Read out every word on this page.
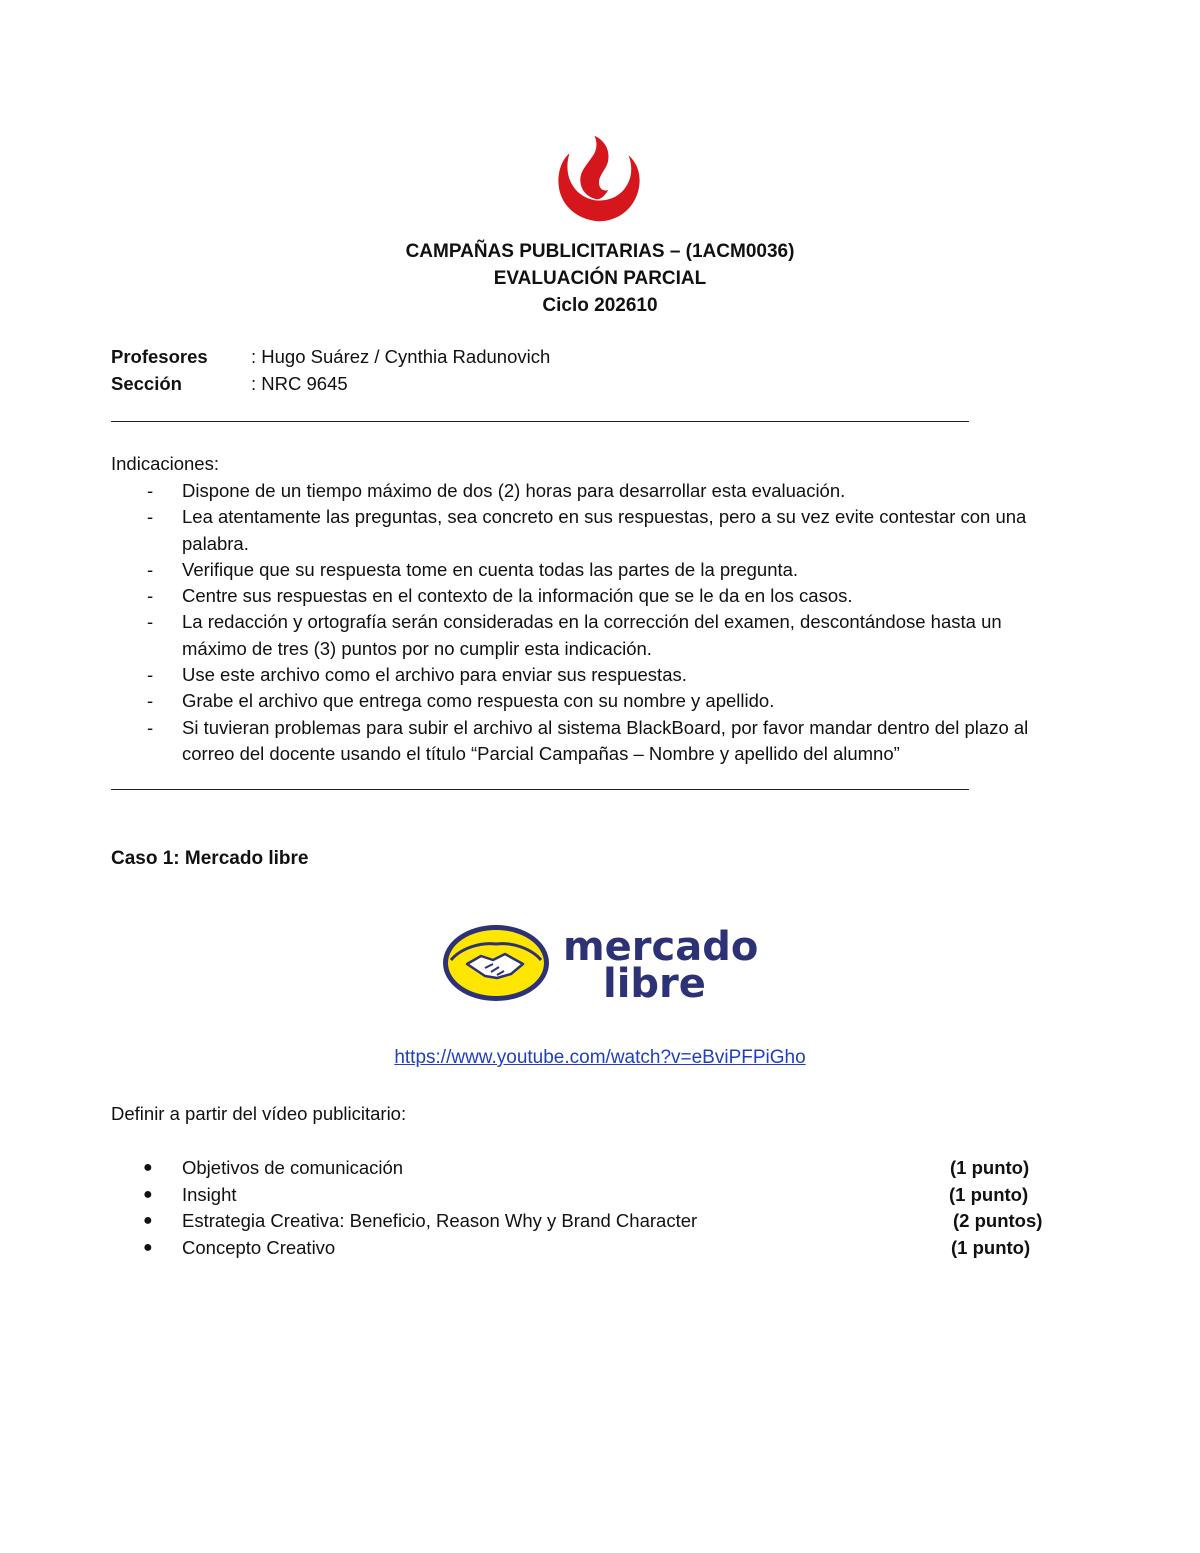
CAMPAÑAS PUBLICITARIAS – (1ACM0036)
EVALUACIÓN PARCIAL
Ciclo 202610
Profesores : Hugo Suárez / Cynthia Radunovich
Sección	: NRC 9645
Indicaciones:
- Dispone de un tiempo máximo de dos (2) horas para desarrollar esta evaluación.
- Lea atentamente las preguntas, sea concreto en sus respuestas, pero a su vez evite contestar con una palabra.
- Verifique que su respuesta tome en cuenta todas las partes de la pregunta.
- Centre sus respuestas en el contexto de la información que se le da en los casos.
- La redacción y ortografía serán consideradas en la corrección del examen, descontándose hasta un máximo de tres (3) puntos por no cumplir esta indicación.
- Use este archivo como el archivo para enviar sus respuestas.
- Grabe el archivo que entrega como respuesta con su nombre y apellido.
- Si tuvieran problemas para subir el archivo al sistema BlackBoard, por favor mandar dentro del plazo al correo del docente usando el título “Parcial Campañas – Nombre y apellido del alumno”
Caso 1: Mercado libre
mercado
libre
https://www.youtube.com/watch?v=eBviPFPiGho
Definir a partir del vídeo publicitario:
● Objetivos de comunicación	(1 punto)
● Insight	(1 punto)
● Estrategia Creativa: Beneficio, Reason Why y Brand Character	(2 puntos)
● Concepto Creativo	(1 punto)
